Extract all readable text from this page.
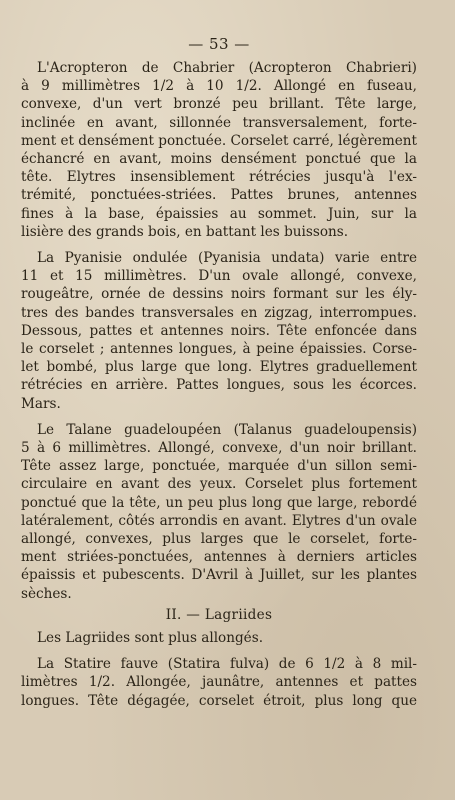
— 53 —

L'Acropteron de Chabrier (Acropteron Chabrieri)
à 9 millimètres 1/2 à 10 1/2. Allongé en fuseau,
convexe, d'un vert bronzé peu brillant. Tête large,
inclinée en avant, sillonnée transversalement, forte-
ment et densément ponctuée. Corselet carré, légèrement
échancré en avant, moins densément ponctué que la
tête. Elytres insensiblement rétrécies jusqu'à l'ex-
trémité, ponctuées-striées. Pattes brunes, antennes
fines à la base, épaissies au sommet. Juin, sur la
lisière des grands bois, en battant les buissons.

La Pyanisie ondulée (Pyanisia undata) varie entre
11 et 15 millimètres. D'un ovale allongé, convexe,
rougeâtre, ornée de dessins noirs formant sur les ély-
tres des bandes transversales en zigzag, interrompues.
Dessous, pattes et antennes noirs. Tête enfoncée dans
le corselet ; antennes longues, à peine épaissies. Corse-
let bombé, plus large que long. Elytres graduellement
rétrécies en arrière. Pattes longues, sous les écorces.
Mars.

Le Talane guadeloupéen (Talanus guadeloupensis)
5 à 6 millimètres. Allongé, convexe, d'un noir brillant.
Tête assez large, ponctuée, marquée d'un sillon semi-
circulaire en avant des yeux. Corselet plus fortement
ponctué que la tête, un peu plus long que large, rebordé
latéralement, côtés arrondis en avant. Elytres d'un ovale
allongé, convexes, plus larges que le corselet, forte-
ment striées-ponctuées, antennes à derniers articles
épaissis et pubescents. D'Avril à Juillet, sur les plantes
sèches.

II. — Lagriides

Les Lagriides sont plus allongés.

La Statire fauve (Statira fulva) de 6 1/2 à 8 mil-
limètres 1/2. Allongée, jaunâtre, antennes et pattes
longues. Tête dégagée, corselet étroit, plus long que
